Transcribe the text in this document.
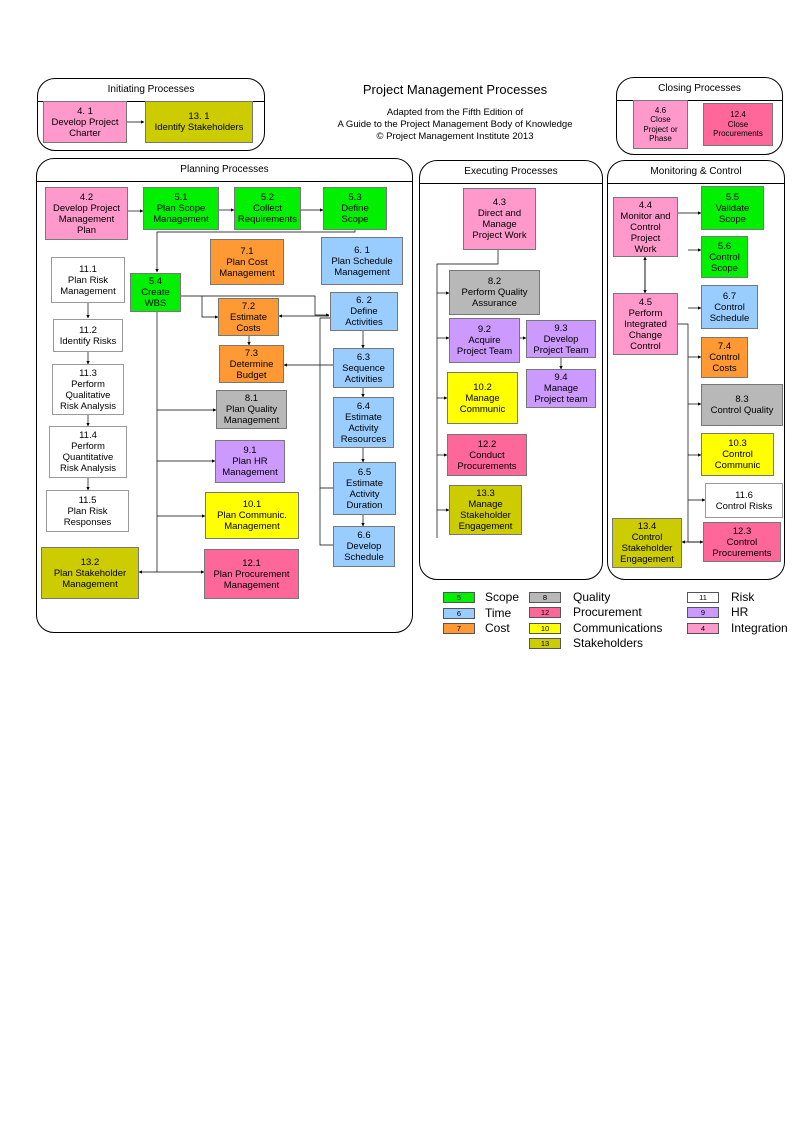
Project Management Processes
Adapted from the Fifth Edition of
A Guide to the Project Management Body of Knowledge
© Project Management Institute 2013
Initiating Processes	Closing Processes
Planning Processes	Executing Processes	Monitoring & Control
4. 1
Develop Project
Charter
13. 1
Identify Stakeholders
4.6
Close
Project or
Phase
12.4
Close
Procurements
4.2
Develop Project
Management
Plan
5.1
Plan Scope
Management
5.2
Collect
Requirements
5.3
Define
Scope
7.1
Plan Cost
Management
6. 1
Plan Schedule
Management
11.1
Plan Risk
Management
5.4
Create
WBS	7.2
Estimate
Costs
6. 2
Define
Activities
11.2
Identify Risks
7.3
Determine
Budget
6.3
Sequence
Activities
11.3
Perform
Qualitative
Risk Analysis
8.1
Plan Quality
Management
6.4
Estimate
Activity
Resources
11.4
Perform
Quantitative
Risk Analysis
9.1
Plan HR
Management	6.5
Estimate
Activity
Duration
11.5
Plan Risk
Responses
10.1
Plan Communic.
Management
6.6
Develop
Schedule
13.2
Plan Stakeholder
Management
12.1
Plan Procurement
Management
4.3
Direct and
Manage
Project Work
8.2
Perform Quality
Assurance
9.2
Acquire
Project Team
9.3
Develop
Project Team
9.4
Manage
Project team
10.2
Manage
Communic
12.2
Conduct
Procurements
13.3
Manage
Stakeholder
Engagement
4.4
Monitor and
Control
Project
Work
5.5
Validate
Scope
5.6
Control
Scope
4.5
Perform
Integrated
Change
Control
6.7
Control
Schedule
7.4
Control
Costs
8.3
Control Quality
10.3
Control
Communic
11.6
Control Risks
13.4
Control
Stakeholder
Engagement
12.3
Control
Procurements
5	Scope
6	Time
7	Cost
8	Quality
12	Procurement
10	Communications
13	Stakeholders
11	Risk
9	HR
4	Integration
